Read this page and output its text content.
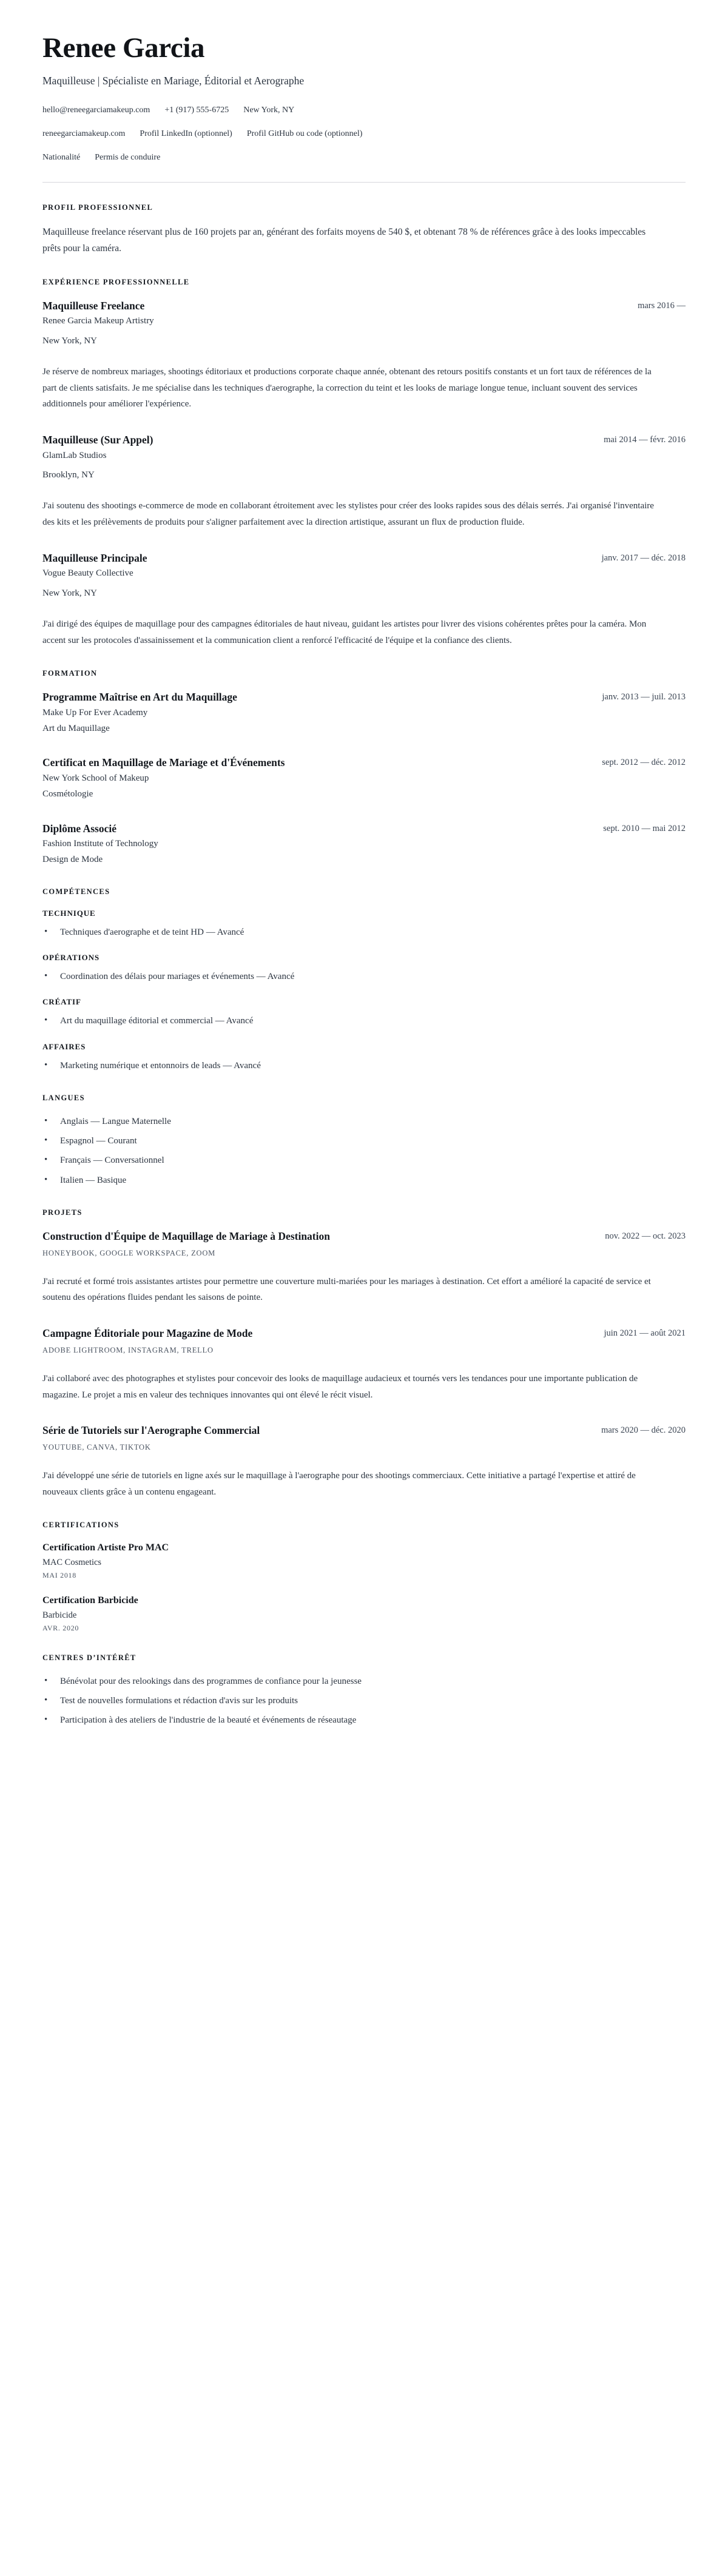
Renee Garcia

Maquilleuse | Spécialiste en Mariage, Éditorial et Aerographe

hello@reneegarciamakeup.com +1 (917) 555-6725 New York, NY
reneegarciamakeup.com Profil LinkedIn (optionnel) Profil GitHub ou code (optionnel)
Nationalité Permis de conduire
PROFIL PROFESSIONNEL

Maquilleuse freelance réservant plus de 160 projets par an, générant des forfaits moyens de 540 $, et obtenant 78 % de références grâce à des looks impeccables prêts pour la caméra.

EXPÉRIENCE PROFESSIONNELLE
Maquilleuse Freelance	mars 2016 —

Renee Garcia Makeup Artistry

New York, NY

Je réserve de nombreux mariages, shootings éditoriaux et productions corporate chaque année, obtenant des retours positifs constants et un fort taux de références de la part de clients satisfaits. Je me spécialise dans les techniques d'aerographe, la correction du teint et les looks de mariage longue tenue, incluant souvent des services additionnels pour améliorer l'expérience.

Maquilleuse (Sur Appel)	mai 2014 — févr. 2016

GlamLab Studios

Brooklyn, NY

J'ai soutenu des shootings e-commerce de mode en collaborant étroitement avec les stylistes pour créer des looks rapides sous des délais serrés. J'ai organisé l'inventaire des kits et les prélèvements de produits pour s'aligner parfaitement avec la direction artistique, assurant un flux de production fluide.

Maquilleuse Principale	janv. 2017 — déc. 2018

Vogue Beauty Collective

New York, NY

J'ai dirigé des équipes de maquillage pour des campagnes éditoriales de haut niveau, guidant les artistes pour livrer des visions cohérentes prêtes pour la caméra. Mon accent sur les protocoles d'assainissement et la communication client a renforcé l'efficacité de l'équipe et la confiance des clients.

FORMATION
Programme Maîtrise en Art du Maquillage	janv. 2013 — juil. 2013

Make Up For Ever Academy

Art du Maquillage

Certificat en Maquillage de Mariage et d'Événements	sept. 2012 — déc. 2012

New York School of Makeup

Cosmétologie

Diplôme Associé	sept. 2010 — mai 2012

Fashion Institute of Technology

Design de Mode

COMPÉTENCES
TECHNIQUE
• Techniques d'aerographe et de teint HD — Avancé
OPÉRATIONS
• Coordination des délais pour mariages et événements — Avancé
CRÉATIF
• Art du maquillage éditorial et commercial — Avancé
AFFAIRES
• Marketing numérique et entonnoirs de leads — Avancé
LANGUES
• Anglais — Langue Maternelle
• Espagnol — Courant
• Français — Conversationnel
• Italien — Basique
PROJETS
Construction d'Équipe de Maquillage de Mariage à Destination	nov. 2022 — oct. 2023

HONEYBOOK, GOOGLE WORKSPACE, ZOOM

J'ai recruté et formé trois assistantes artistes pour permettre une couverture multi-mariées pour les mariages à destination. Cet effort a amélioré la capacité de service et soutenu des opérations fluides pendant les saisons de pointe.

Campagne Éditoriale pour Magazine de Mode	juin 2021 — août 2021

ADOBE LIGHTROOM, INSTAGRAM, TRELLO

J'ai collaboré avec des photographes et stylistes pour concevoir des looks de maquillage audacieux et tournés vers les tendances pour une importante publication de magazine. Le projet a mis en valeur des techniques innovantes qui ont élevé le récit visuel.

Série de Tutoriels sur l'Aerographe Commercial	mars 2020 — déc. 2020

YOUTUBE, CANVA, TIKTOK

J'ai développé une série de tutoriels en ligne axés sur le maquillage à l'aerographe pour des shootings commerciaux. Cette initiative a partagé l'expertise et attiré de nouveaux clients grâce à un contenu engageant.

CERTIFICATIONS
Certification Artiste Pro MAC

MAC Cosmetics

MAI 2018

Certification Barbicide

Barbicide

AVR. 2020

CENTRES D’INTÉRÊT
• Bénévolat pour des relookings dans des programmes de confiance pour la jeunesse
• Test de nouvelles formulations et rédaction d'avis sur les produits
• Participation à des ateliers de l'industrie de la beauté et événements de réseautage
